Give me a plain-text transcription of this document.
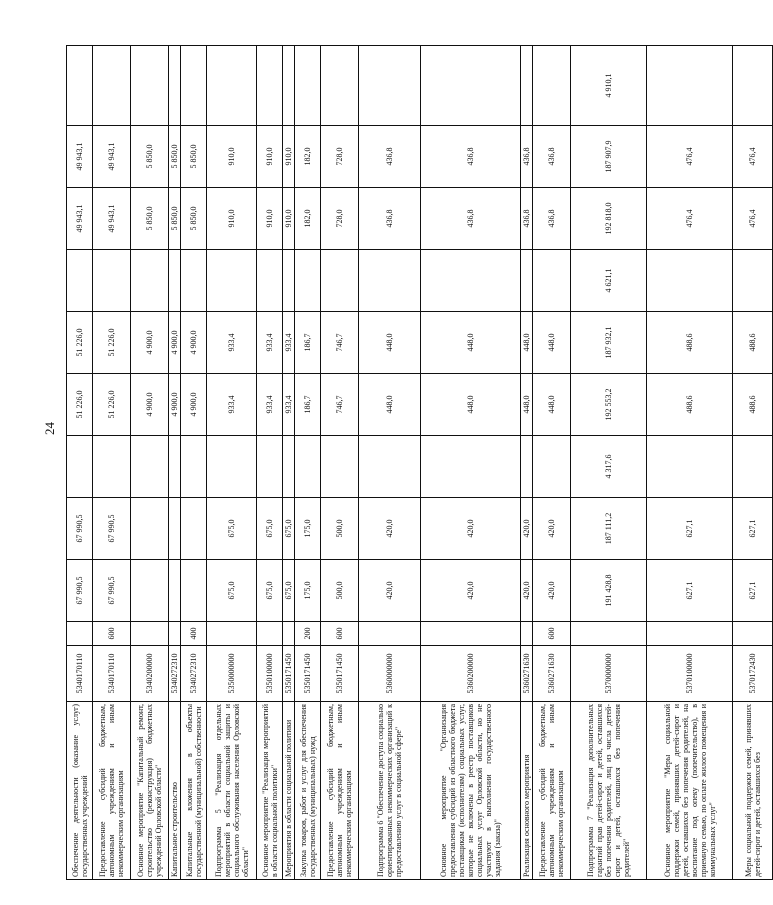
24
Обеспечение деятельности (оказание услуг) государственных учреждений	5340170110		67 990,5	67 990,5		51 226,0	51 226,0		49 943,1	49 943,1	
Предоставление субсидий бюджетным, автономным учреждениям и иным некоммерческим организациям	5340170110	600	67 990,5	67 990,5		51 226,0	51 226,0		49 943,1	49 943,1	
Основное мероприятие "Капитальный ремонт, строительство (реконструкция) бюджетных учреждений Орловской области"	5340200000					4 900,0	4 900,0		5 850,0	5 850,0	
Капитальное строительство	5340272310					4 900,0	4 900,0		5 850,0	5 850,0	
Капитальные вложения в объекты государственной (муниципальной) собственности	5340272310	400				4 900,0	4 900,0		5 850,0	5 850,0	
Подпрограмма 5 "Реализация отдельных мероприятий в области социальной защиты и социального обслуживания населения Орловской области"	5350000000		675,0	675,0		933,4	933,4		910,0	910,0	
Основное мероприятие "Реализация мероприятий в области социальной политики"	5350100000		675,0	675,0		933,4	933,4		910,0	910,0	
Мероприятия в области социальной политики	5350171450		675,0	675,0		933,4	933,4		910,0	910,0	
Закупка товаров, работ и услуг для обеспечения государственных (муниципальных) нужд	5350171450	200	175,0	175,0		186,7	186,7		182,0	182,0	
Предоставление субсидий бюджетным, автономным учреждениям и иным некоммерческим организациям	5350171450	600	500,0	500,0		746,7	746,7		728,0	728,0	
Подпрограмма 6 "Обеспечение доступа социально ориентированных некоммерческих организаций к предоставлению услуг в социальной сфере"	5360000000		420,0	420,0		448,0	448,0		436,8	436,8	
Основное мероприятие "Организация предоставления субсидий из областного бюджета поставщикам (исполнителям) социальных услуг, которые не включены в реестр поставщиков социальных услуг Орловской области, но не участвуют в выполнении государственного задания (заказа)"	5360200000		420,0	420,0		448,0	448,0		436,8	436,8	
Реализация основного мероприятия	5360271630		420,0	420,0		448,0	448,0		436,8	436,8	
Предоставление субсидий бюджетным, автономным учреждениям и иным некоммерческим организациям	5360271630	600	420,0	420,0		448,0	448,0		436,8	436,8	
Подпрограмма 7 "Реализация дополнительных гарантий прав детей-сирот и детей, оставшихся без попечения родителей, лиц из числа детей-сирот и детей, оставшихся без попечения родителей"	5370000000		191 428,8	187 111,2	4 317,6	192 553,2	187 932,1	4 621,1	192 818,0	187 907,9	4 910,1
Основное мероприятие "Меры социальной поддержки семей, принявших детей-сирот и детей, оставшихся без попечения родителей, на воспитание под опеку (попечительство), в приемную семью, по оплате жилого помещения и коммунальных услуг"	5370100000		627,1	627,1		488,6	488,6		476,4	476,4	
Меры социальной поддержки семей, принявших детей-сирот и детей, оставшихся без	5370172430		627,1	627,1		488,6	488,6		476,4	476,4	
